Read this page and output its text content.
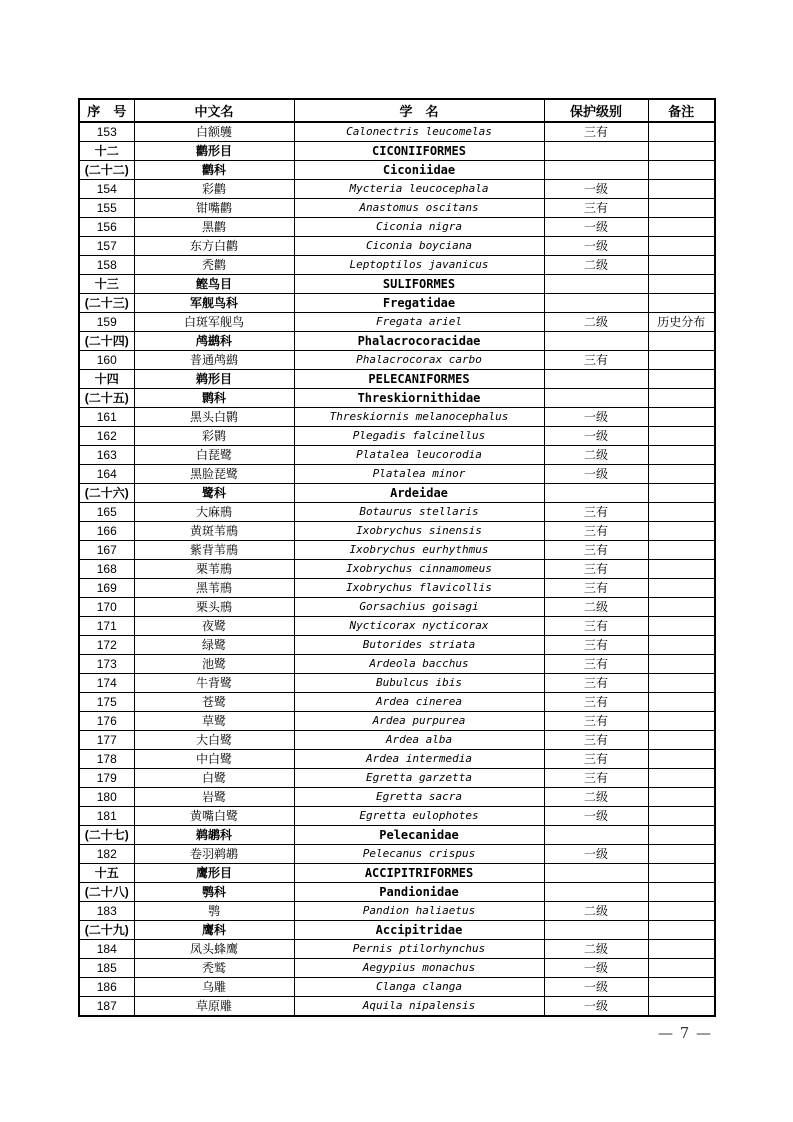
序　号	中文名	学　名	保护级别	备注
153	白额鹱	Calonectris leucomelas	三有	
十二	鹳形目	CICONIIFORMES		
(二十二)	鹳科	Ciconiidae		
154	彩鹳	Mycteria leucocephala	一级	
155	钳嘴鹳	Anastomus oscitans	三有	
156	黑鹳	Ciconia nigra	一级	
157	东方白鹳	Ciconia boyciana	一级	
158	秃鹳	Leptoptilos javanicus	二级	
十三	鲣鸟目	SULIFORMES		
(二十三)	军舰鸟科	Fregatidae		
159	白斑军舰鸟	Fregata ariel	二级	历史分布
(二十四)	鸬鹚科	Phalacrocoracidae		
160	普通鸬鹚	Phalacrocorax carbo	三有	
十四	鹈形目	PELECANIFORMES		
(二十五)	鹮科	Threskiornithidae		
161	黑头白鹮	Threskiornis melanocephalus	一级	
162	彩鹮	Plegadis falcinellus	一级	
163	白琵鹭	Platalea leucorodia	二级	
164	黑脸琵鹭	Platalea minor	一级	
(二十六)	鹭科	Ardeidae		
165	大麻鳽	Botaurus stellaris	三有	
166	黄斑苇鳽	Ixobrychus sinensis	三有	
167	紫背苇鳽	Ixobrychus eurhythmus	三有	
168	栗苇鳽	Ixobrychus cinnamomeus	三有	
169	黑苇鳽	Ixobrychus flavicollis	三有	
170	栗头鳽	Gorsachius goisagi	二级	
171	夜鹭	Nycticorax nycticorax	三有	
172	绿鹭	Butorides striata	三有	
173	池鹭	Ardeola bacchus	三有	
174	牛背鹭	Bubulcus ibis	三有	
175	苍鹭	Ardea cinerea	三有	
176	草鹭	Ardea purpurea	三有	
177	大白鹭	Ardea alba	三有	
178	中白鹭	Ardea intermedia	三有	
179	白鹭	Egretta garzetta	三有	
180	岩鹭	Egretta sacra	二级	
181	黄嘴白鹭	Egretta eulophotes	一级	
(二十七)	鹈鹕科	Pelecanidae		
182	卷羽鹈鹕	Pelecanus crispus	一级	
十五	鹰形目	ACCIPITRIFORMES		
(二十八)	鹗科	Pandionidae		
183	鹗	Pandion haliaetus	二级	
(二十九)	鹰科	Accipitridae		
184	凤头蜂鹰	Pernis ptilorhynchus	二级	
185	秃鹫	Aegypius monachus	一级	
186	乌雕	Clanga clanga	一级	
187	草原雕	Aquila nipalensis	一级	
— 7 —
